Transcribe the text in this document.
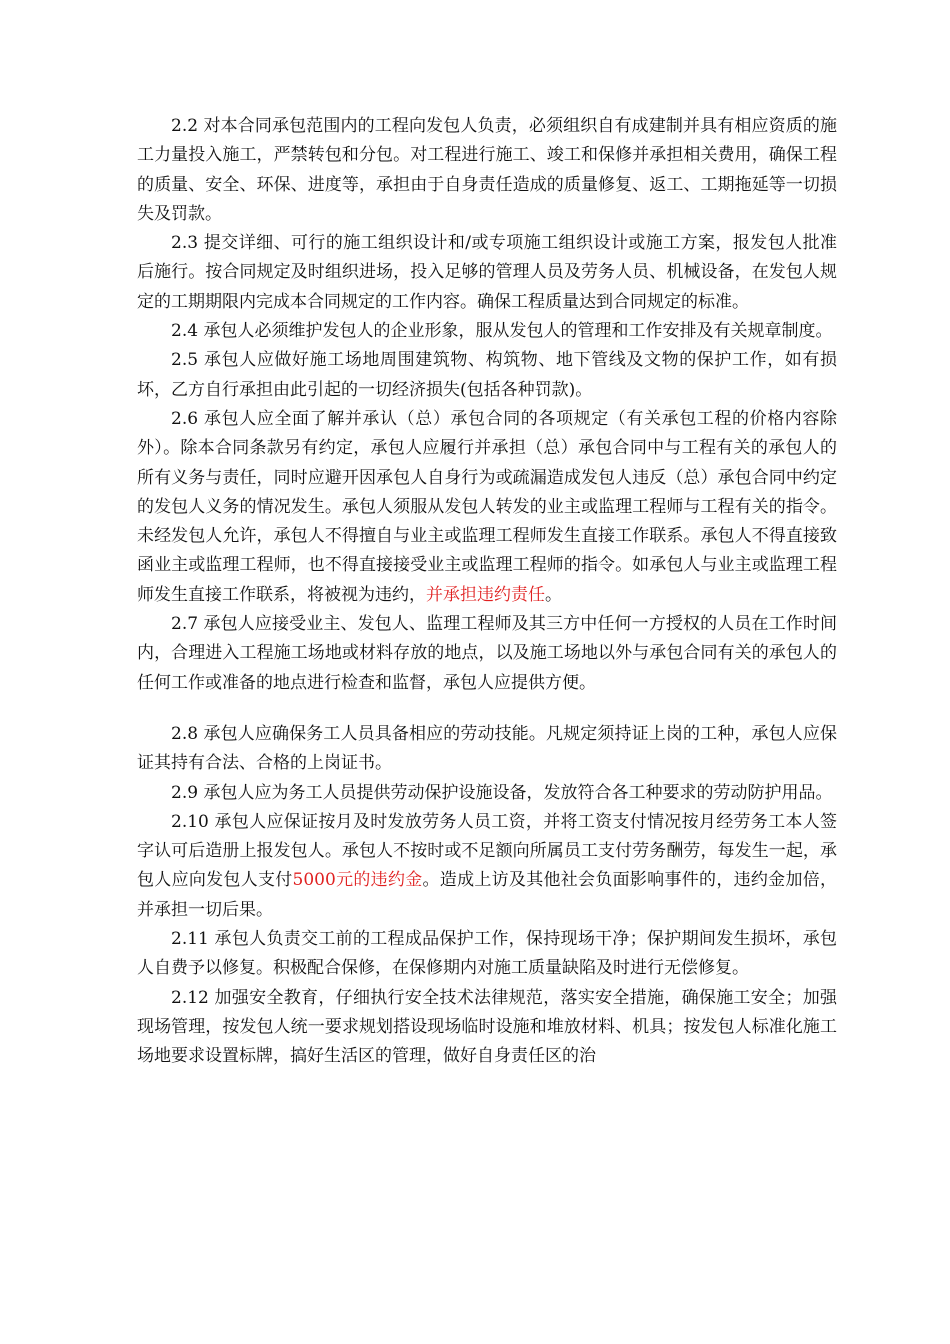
2.2 对本合同承包范围内的工程向发包人负责，必须组织自有成建制并具有相应资质的施工力量投入施工，严禁转包和分包。对工程进行施工、竣工和保修并承担相关费用，确保工程的质量、安全、环保、进度等，承担由于自身责任造成的质量修复、返工、工期拖延等一切损失及罚款。

2.3 提交详细、可行的施工组织设计和/或专项施工组织设计或施工方案，报发包人批准后施行。按合同规定及时组织进场，投入足够的管理人员及劳务人员、机械设备，在发包人规定的工期期限内完成本合同规定的工作内容。确保工程质量达到合同规定的标准。

2.4 承包人必须维护发包人的企业形象，服从发包人的管理和工作安排及有关规章制度。

2.5 承包人应做好施工场地周围建筑物、构筑物、地下管线及文物的保护工作，如有损坏，乙方自行承担由此引起的一切经济损失(包括各种罚款)。

2.6 承包人应全面了解并承认（总）承包合同的各项规定（有关承包工程的价格内容除外）。除本合同条款另有约定，承包人应履行并承担（总）承包合同中与工程有关的承包人的所有义务与责任，同时应避开因承包人自身行为或疏漏造成发包人违反（总）承包合同中约定的发包人义务的情况发生。承包人须服从发包人转发的业主或监理工程师与工程有关的指令。未经发包人允许，承包人不得擅自与业主或监理工程师发生直接工作联系。承包人不得直接致函业主或监理工程师，也不得直接接受业主或监理工程师的指令。如承包人与业主或监理工程师发生直接工作联系，将被视为违约，并承担违约责任。

2.7 承包人应接受业主、发包人、监理工程师及其三方中任何一方授权的人员在工作时间内，合理进入工程施工场地或材料存放的地点，以及施工场地以外与承包合同有关的承包人的任何工作或准备的地点进行检查和监督，承包人应提供方便。

2.8 承包人应确保务工人员具备相应的劳动技能。凡规定须持证上岗的工种，承包人应保证其持有合法、合格的上岗证书。

2.9 承包人应为务工人员提供劳动保护设施设备，发放符合各工种要求的劳动防护用品。

2.10 承包人应保证按月及时发放劳务人员工资，并将工资支付情况按月经劳务工本人签字认可后造册上报发包人。承包人不按时或不足额向所属员工支付劳务酬劳，每发生一起，承包人应向发包人支付5000元的违约金。造成上访及其他社会负面影响事件的，违约金加倍，并承担一切后果。

2.11 承包人负责交工前的工程成品保护工作，保持现场干净；保护期间发生损坏，承包人自费予以修复。积极配合保修，在保修期内对施工质量缺陷及时进行无偿修复。

2.12 加强安全教育，仔细执行安全技术法律规范，落实安全措施，确保施工安全；加强现场管理，按发包人统一要求规划搭设现场临时设施和堆放材料、机具；按发包人标准化施工场地要求设置标牌，搞好生活区的管理，做好自身责任区的治
